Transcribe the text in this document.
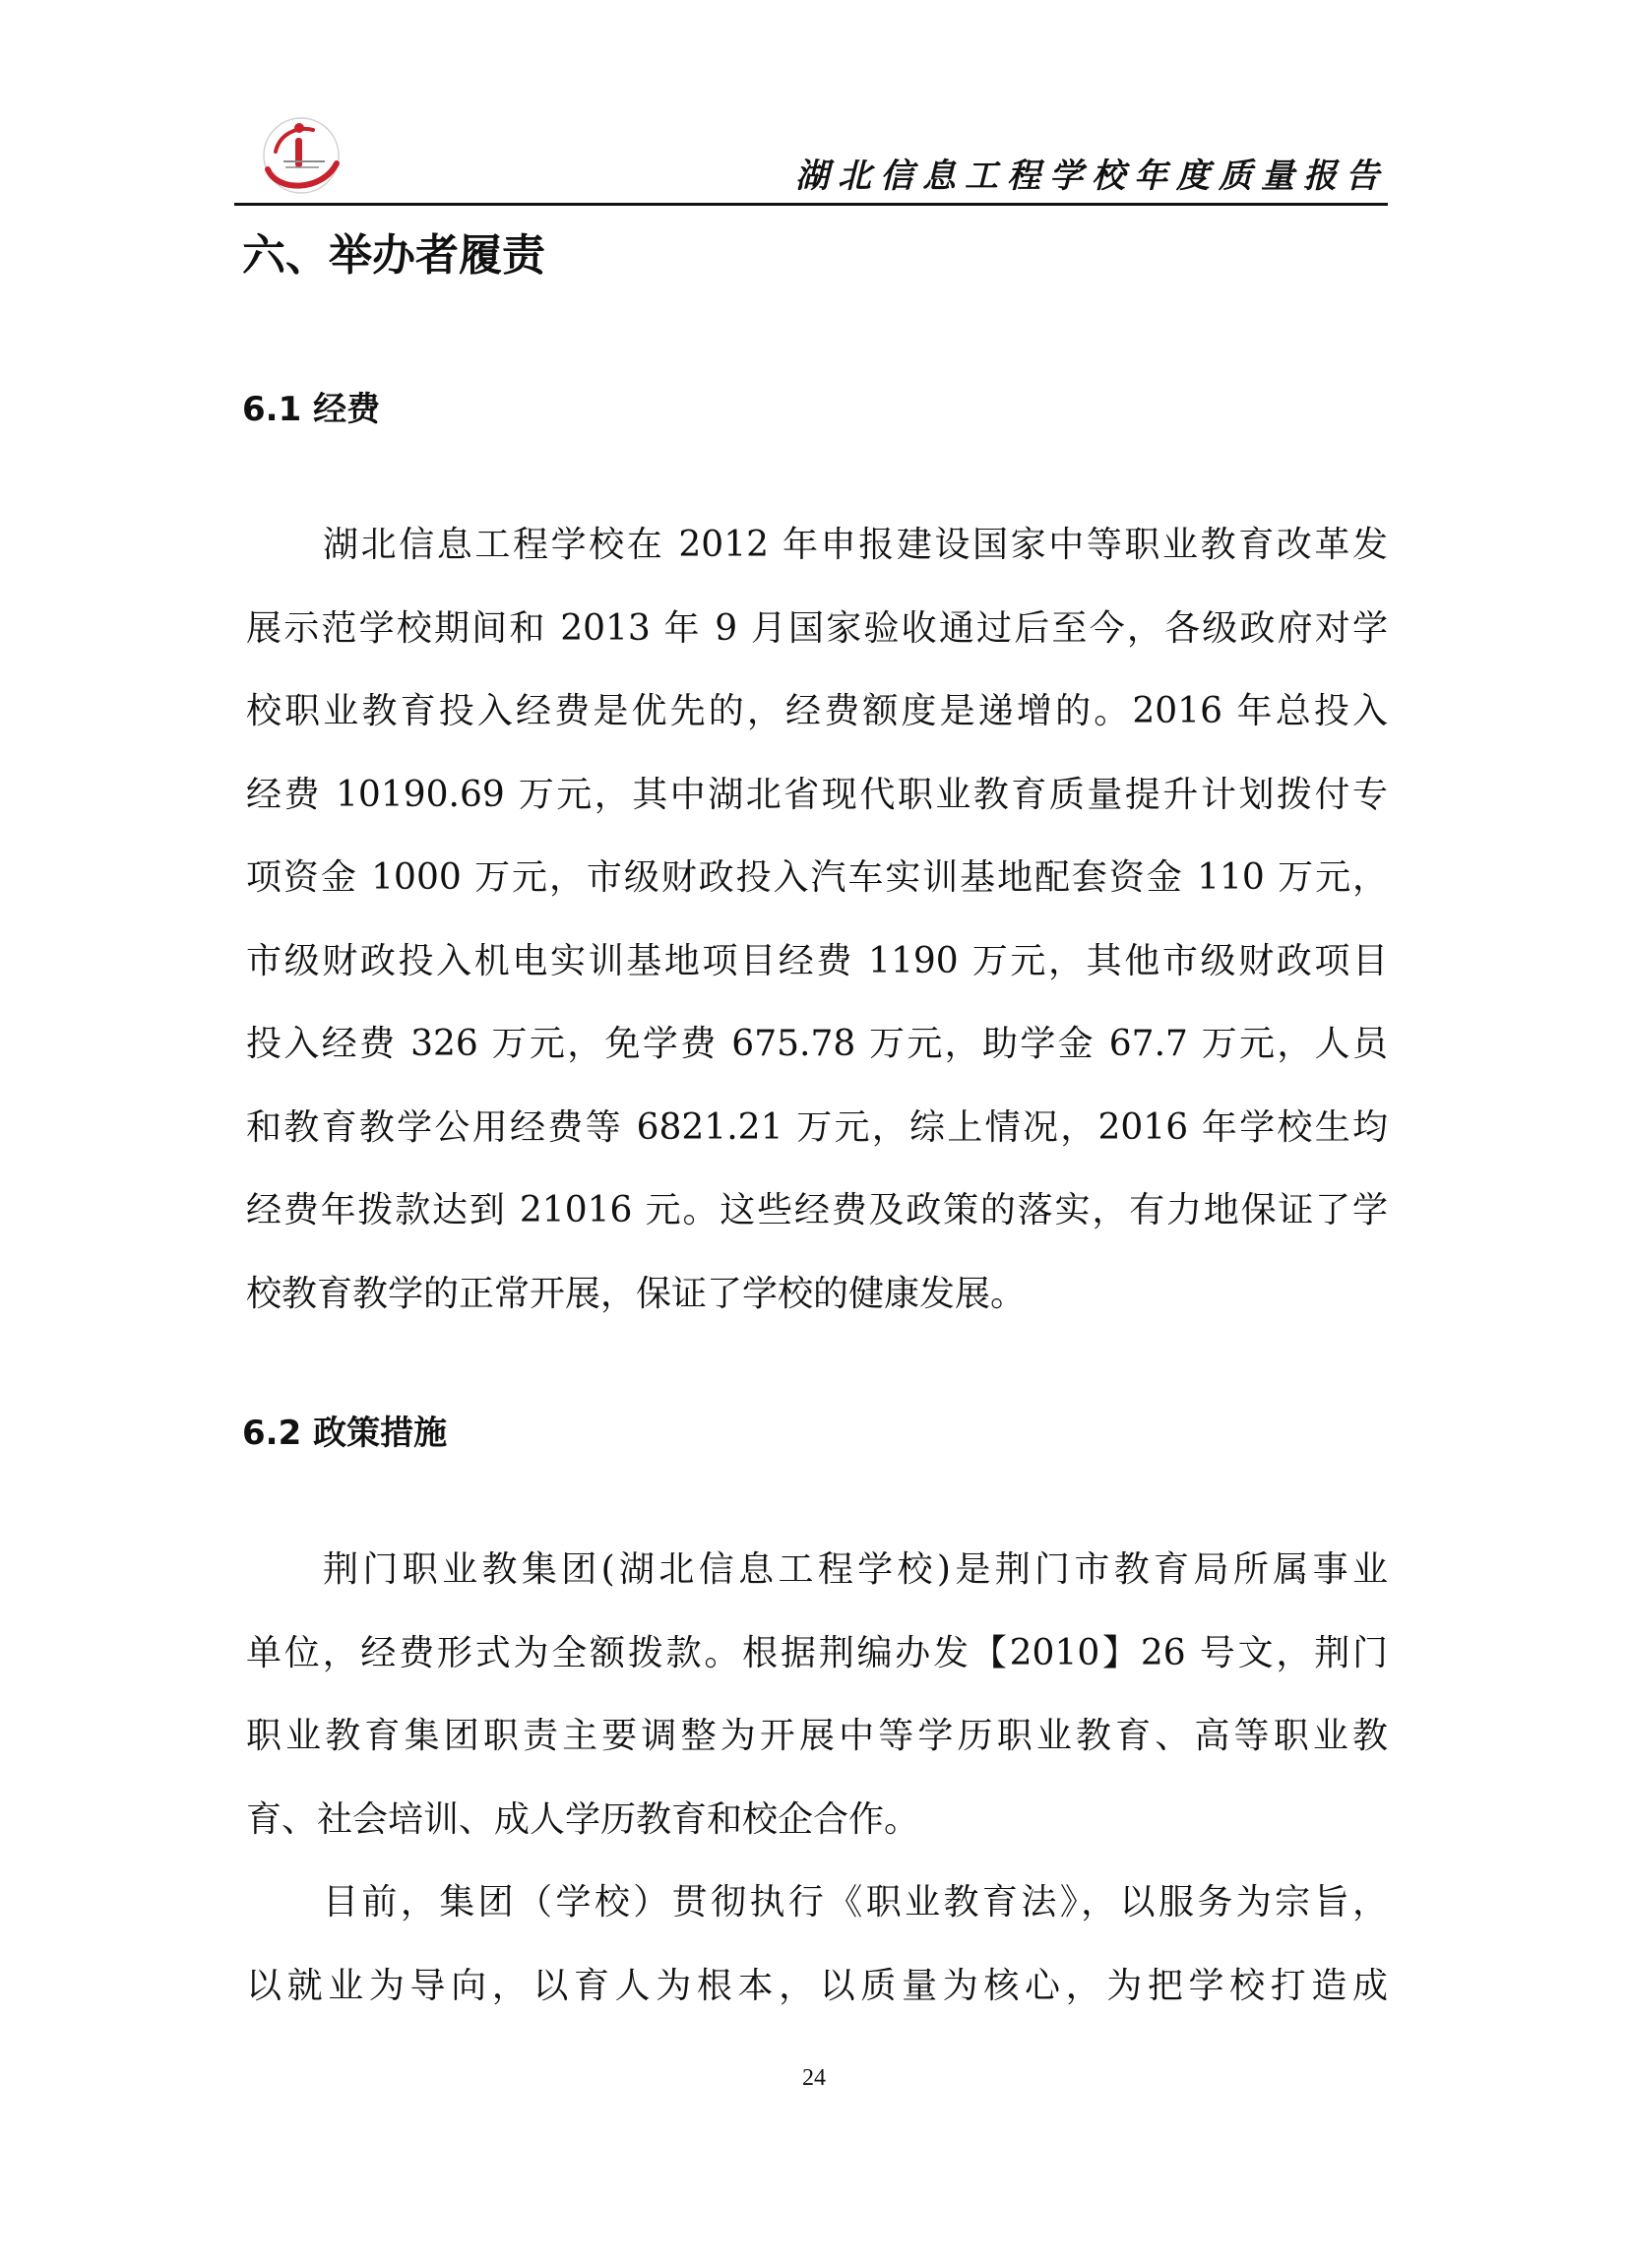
湖北信息工程学校年度质量报告
六、举办者履责
6.1 经费
湖北信息工程学校在 2012 年申报建设国家中等职业教育改革发
展示范学校期间和 2013 年 9 月国家验收通过后至今，各级政府对学
校职业教育投入经费是优先的，经费额度是递增的。2016 年总投入
经费 10190.69 万元，其中湖北省现代职业教育质量提升计划拨付专
项资金 1000 万元，市级财政投入汽车实训基地配套资金 110 万元，
市级财政投入机电实训基地项目经费 1190 万元，其他市级财政项目
投入经费 326 万元，免学费 675.78 万元，助学金 67.7 万元，人员
和教育教学公用经费等 6821.21 万元，综上情况，2016 年学校生均
经费年拨款达到 21016 元。这些经费及政策的落实，有力地保证了学
校教育教学的正常开展，保证了学校的健康发展。
6.2 政策措施
荆门职业教集团(湖北信息工程学校)是荆门市教育局所属事业
单位，经费形式为全额拨款。根据荆编办发【2010】26 号文，荆门
职业教育集团职责主要调整为开展中等学历职业教育、高等职业教
育、社会培训、成人学历教育和校企合作。
目前，集团（学校）贯彻执行《职业教育法》，以服务为宗旨，
以就业为导向，以育人为根本，以质量为核心，为把学校打造成
24
